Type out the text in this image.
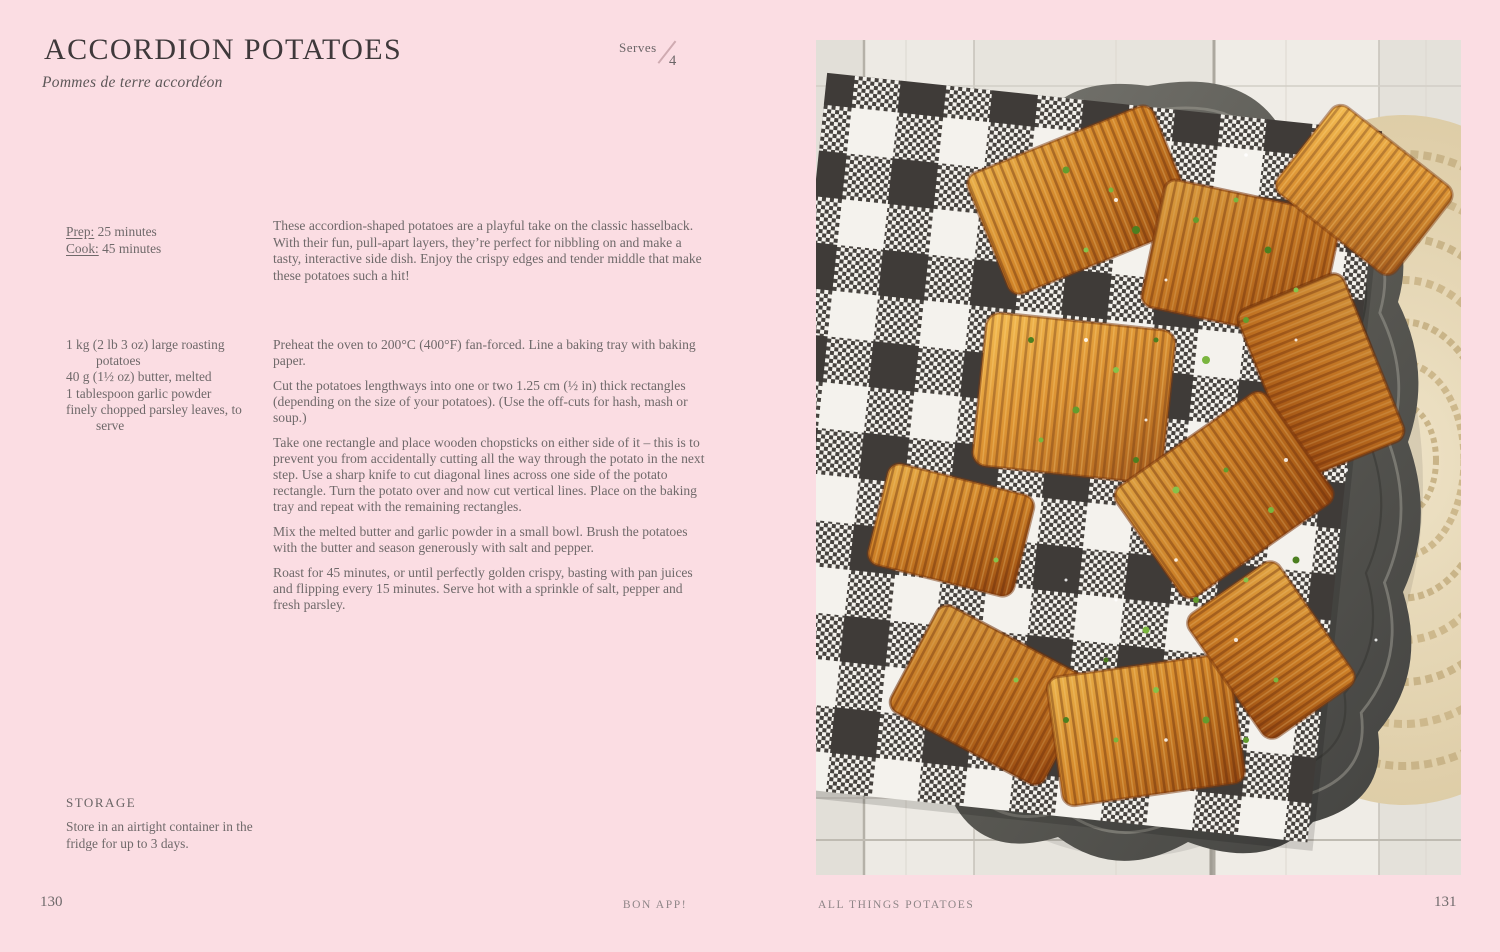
ACCORDION POTATOES
Pommes de terre accordéon
Serves
4
Prep: 25 minutes
Cook: 45 minutes
1 kg (2 lb 3 oz) large roasting potatoes
40 g (1½ oz) butter, melted
1 tablespoon garlic powder
finely chopped parsley leaves, to serve
These accordion-shaped potatoes are a playful take on the classic hasselback. With their fun, pull-apart layers, they’re perfect for nibbling on and make a tasty, interactive side dish. Enjoy the crispy edges and tender middle that make these potatoes such a hit!

Preheat the oven to 200°C (400°F) fan-forced. Line a baking tray with baking paper.

Cut the potatoes lengthways into one or two 1.25 cm (½ in) thick rectangles (depending on the size of your potatoes). (Use the off-cuts for hash, mash or soup.)

Take one rectangle and place wooden chopsticks on either side of it – this is to prevent you from accidentally cutting all the way through the potato in the next step. Use a sharp knife to cut diagonal lines across one side of the potato rectangle. Turn the potato over and now cut vertical lines. Place on the baking tray and repeat with the remaining rectangles.

Mix the melted butter and garlic powder in a small bowl. Brush the potatoes with the butter and season generously with salt and pepper.

Roast for 45 minutes, or until perfectly golden crispy, basting with pan juices and flipping every 15 minutes. Serve hot with a sprinkle of salt, pepper and fresh parsley.

STORAGE
Store in an airtight container in the fridge for up to 3 days.
130	BON APP!	ALL THINGS POTATOES	131
